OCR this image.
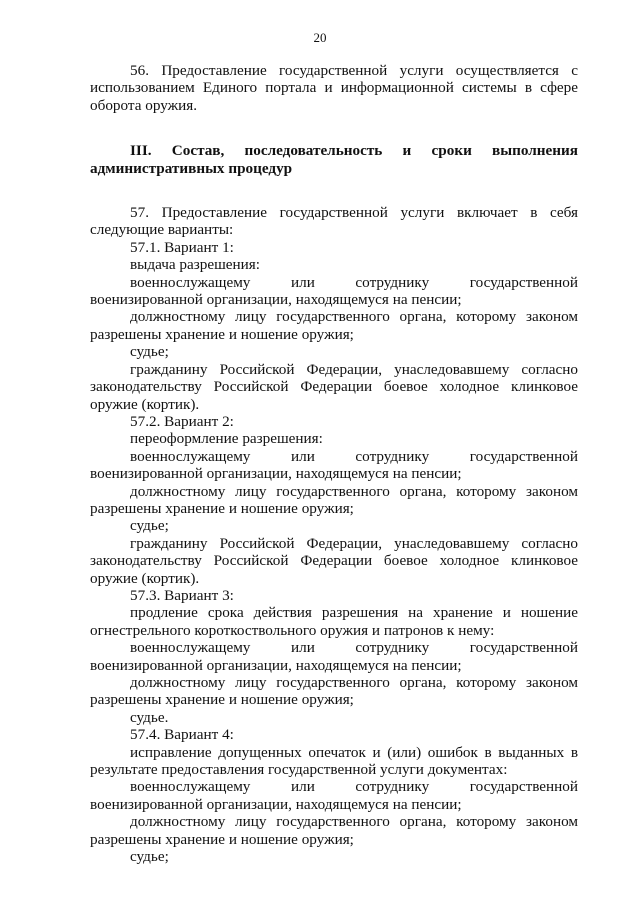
20

56. Предоставление государственной услуги осуществляется с использованием Единого портала и информационной системы в сфере оборота оружия.

III. Состав, последовательность и сроки выполнения
административных процедур

57. Предоставление государственной услуги включает в себя следующие варианты:

57.1. Вариант 1:

выдача разрешения:

военнослужащему или сотруднику государственной военизированной организации, находящемуся на пенсии;

должностному лицу государственного органа, которому законом разрешены хранение и ношение оружия;

судье;

гражданину Российской Федерации, унаследовавшему согласно законодательству Российской Федерации боевое холодное клинковое оружие (кортик).

57.2. Вариант 2:

переоформление разрешения:

военнослужащему или сотруднику государственной военизированной организации, находящемуся на пенсии;

должностному лицу государственного органа, которому законом разрешены хранение и ношение оружия;

судье;

гражданину Российской Федерации, унаследовавшему согласно законодательству Российской Федерации боевое холодное клинковое оружие (кортик).

57.3. Вариант 3:

продление срока действия разрешения на хранение и ношение огнестрельного короткоствольного оружия и патронов к нему:

военнослужащему или сотруднику государственной военизированной организации, находящемуся на пенсии;

должностному лицу государственного органа, которому законом разрешены хранение и ношение оружия;

судье.

57.4. Вариант 4:

исправление допущенных опечаток и (или) ошибок в выданных в результате предоставления государственной услуги документах:

военнослужащему или сотруднику государственной военизированной организации, находящемуся на пенсии;

должностному лицу государственного органа, которому законом разрешены хранение и ношение оружия;

судье;
